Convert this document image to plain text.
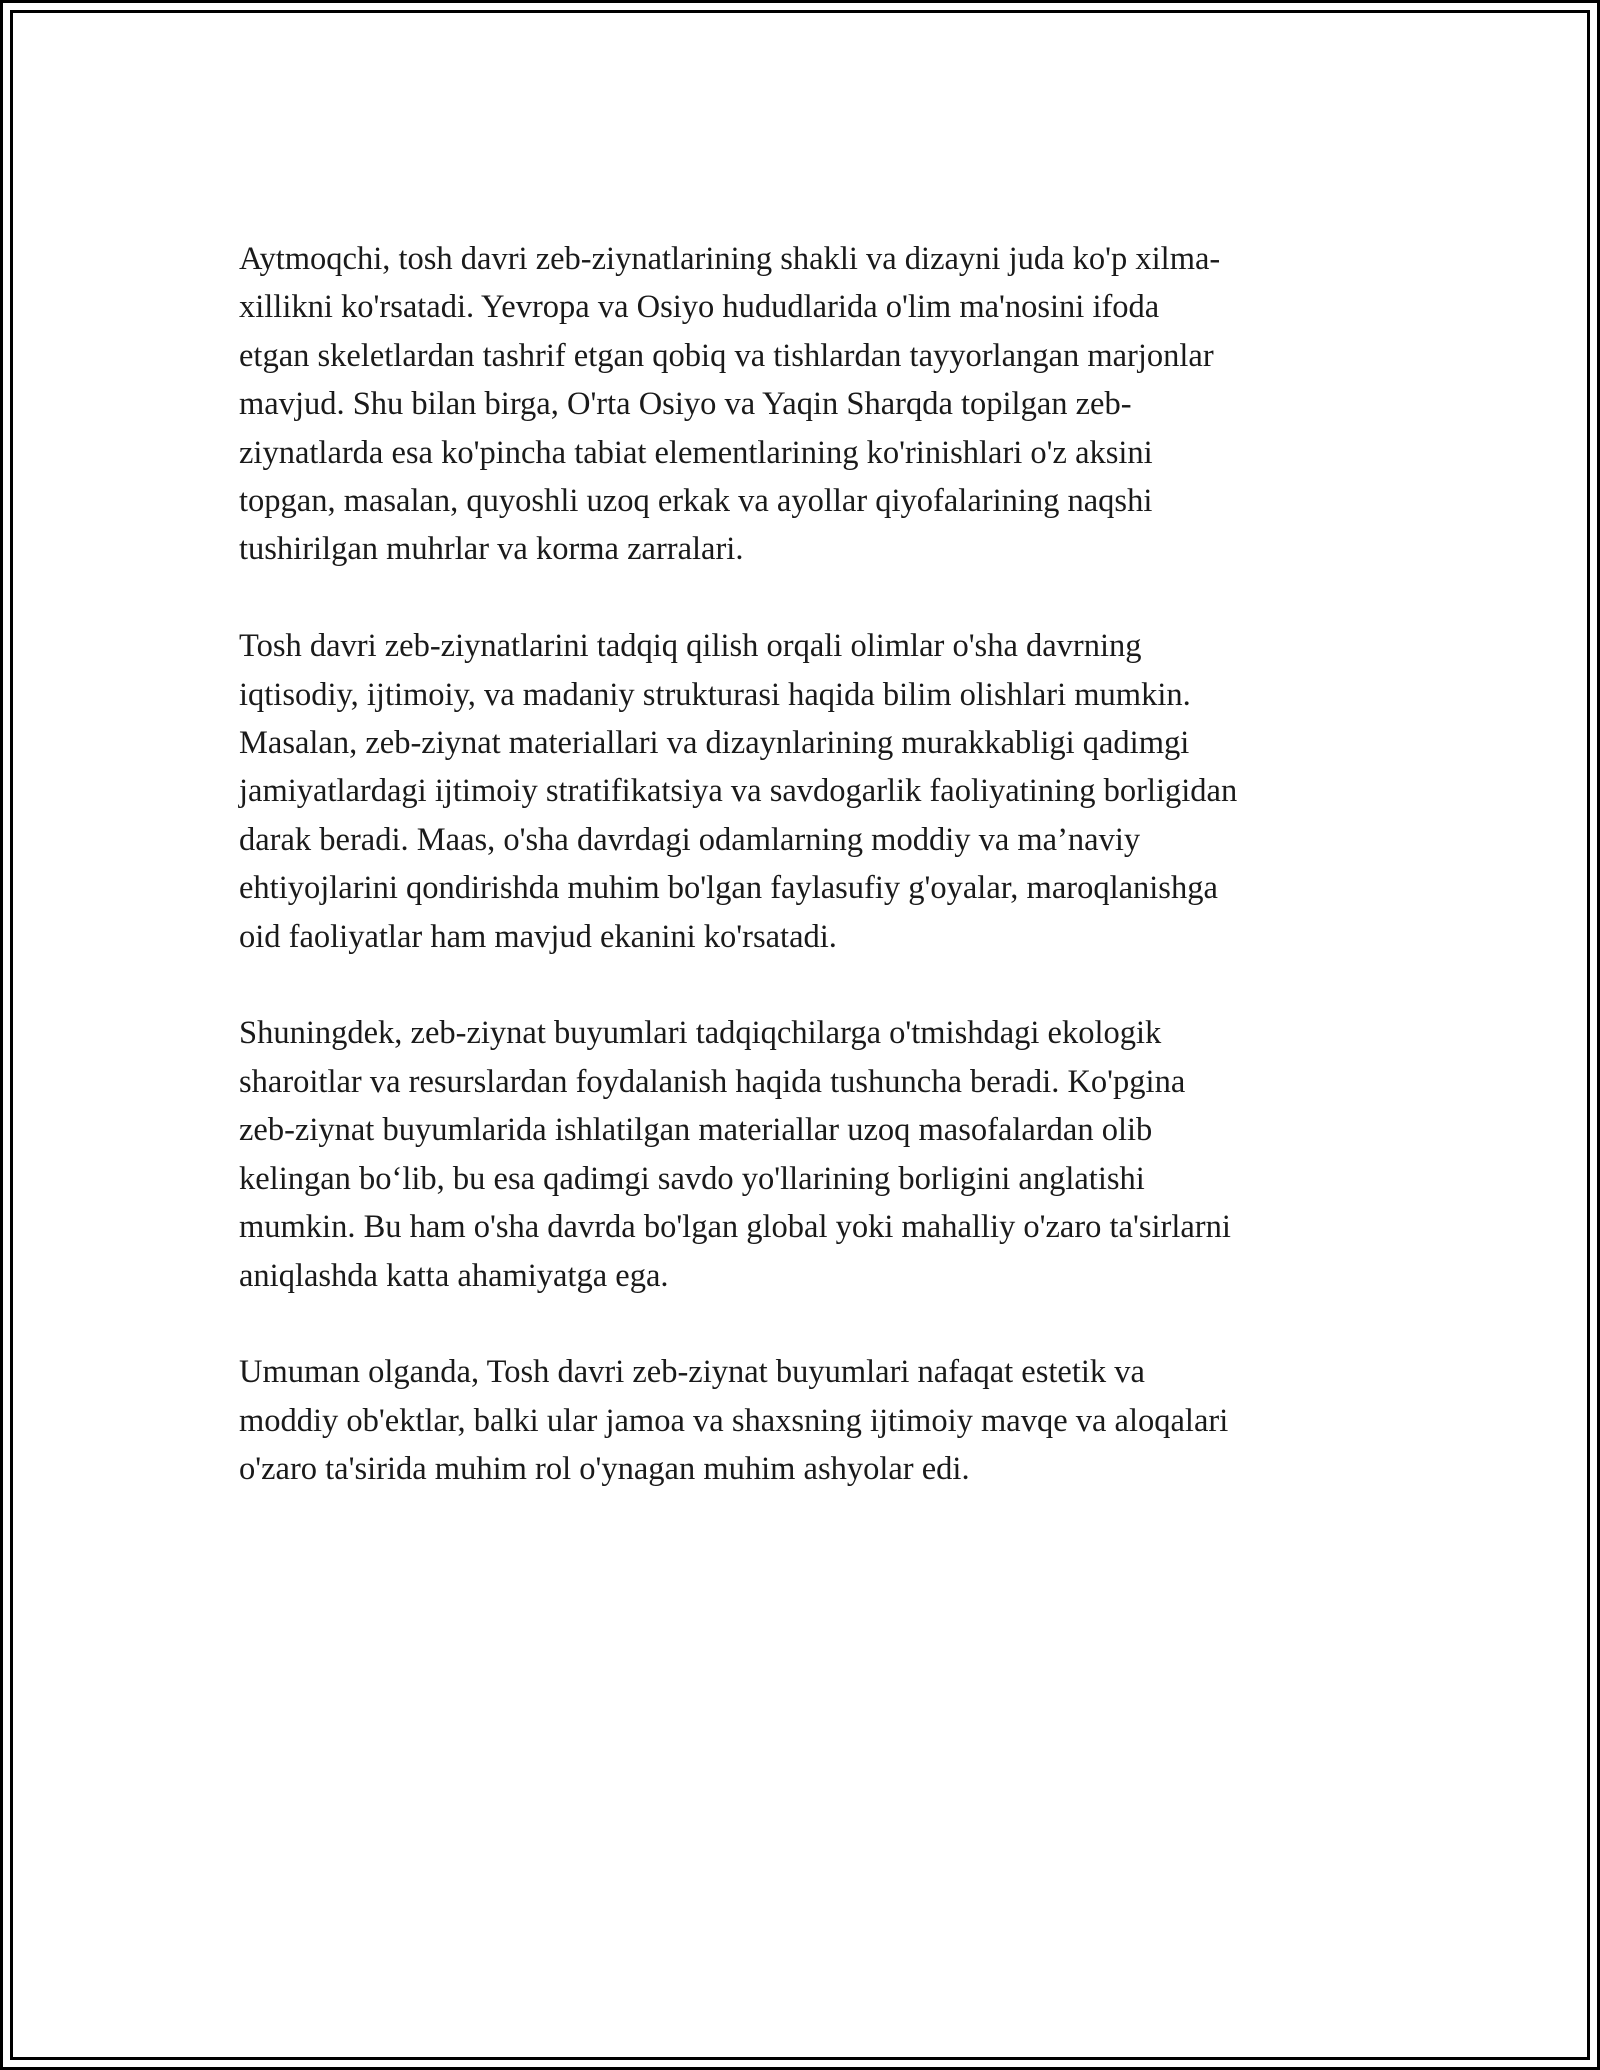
Aytmoqchi, tosh davri zeb-ziynatlarining shakli va dizayni juda ko'p xilma-
xillikni ko'rsatadi. Yevropa va Osiyo hududlarida o'lim ma'nosini ifoda
etgan skeletlardan tashrif etgan qobiq va tishlardan tayyorlangan marjonlar
mavjud. Shu bilan birga, O'rta Osiyo va Yaqin Sharqda topilgan zeb-
ziynatlarda esa ko'pincha tabiat elementlarining ko'rinishlari o'z aksini
topgan, masalan, quyoshli uzoq erkak va ayollar qiyofalarining naqshi
tushirilgan muhrlar va korma zarralari.

Tosh davri zeb-ziynatlarini tadqiq qilish orqali olimlar o'sha davrning
iqtisodiy, ijtimoiy, va madaniy strukturasi haqida bilim olishlari mumkin.
Masalan, zeb-ziynat materiallari va dizaynlarining murakkabligi qadimgi
jamiyatlardagi ijtimoiy stratifikatsiya va savdogarlik faoliyatining borligidan
darak beradi. Maas, o'sha davrdagi odamlarning moddiy va ma’naviy
ehtiyojlarini qondirishda muhim bo'lgan faylasufiy g'oyalar, maroqlanishga
oid faoliyatlar ham mavjud ekanini ko'rsatadi.

Shuningdek, zeb-ziynat buyumlari tadqiqchilarga o'tmishdagi ekologik
sharoitlar va resurslardan foydalanish haqida tushuncha beradi. Ko'pgina
zeb-ziynat buyumlarida ishlatilgan materiallar uzoq masofalardan olib
kelingan bo‘lib, bu esa qadimgi savdo yo'llarining borligini anglatishi
mumkin. Bu ham o'sha davrda bo'lgan global yoki mahalliy o'zaro ta'sirlarni
aniqlashda katta ahamiyatga ega.

Umuman olganda, Tosh davri zeb-ziynat buyumlari nafaqat estetik va
moddiy ob'ektlar, balki ular jamoa va shaxsning ijtimoiy mavqe va aloqalari
o'zaro ta'sirida muhim rol o'ynagan muhim ashyolar edi.
